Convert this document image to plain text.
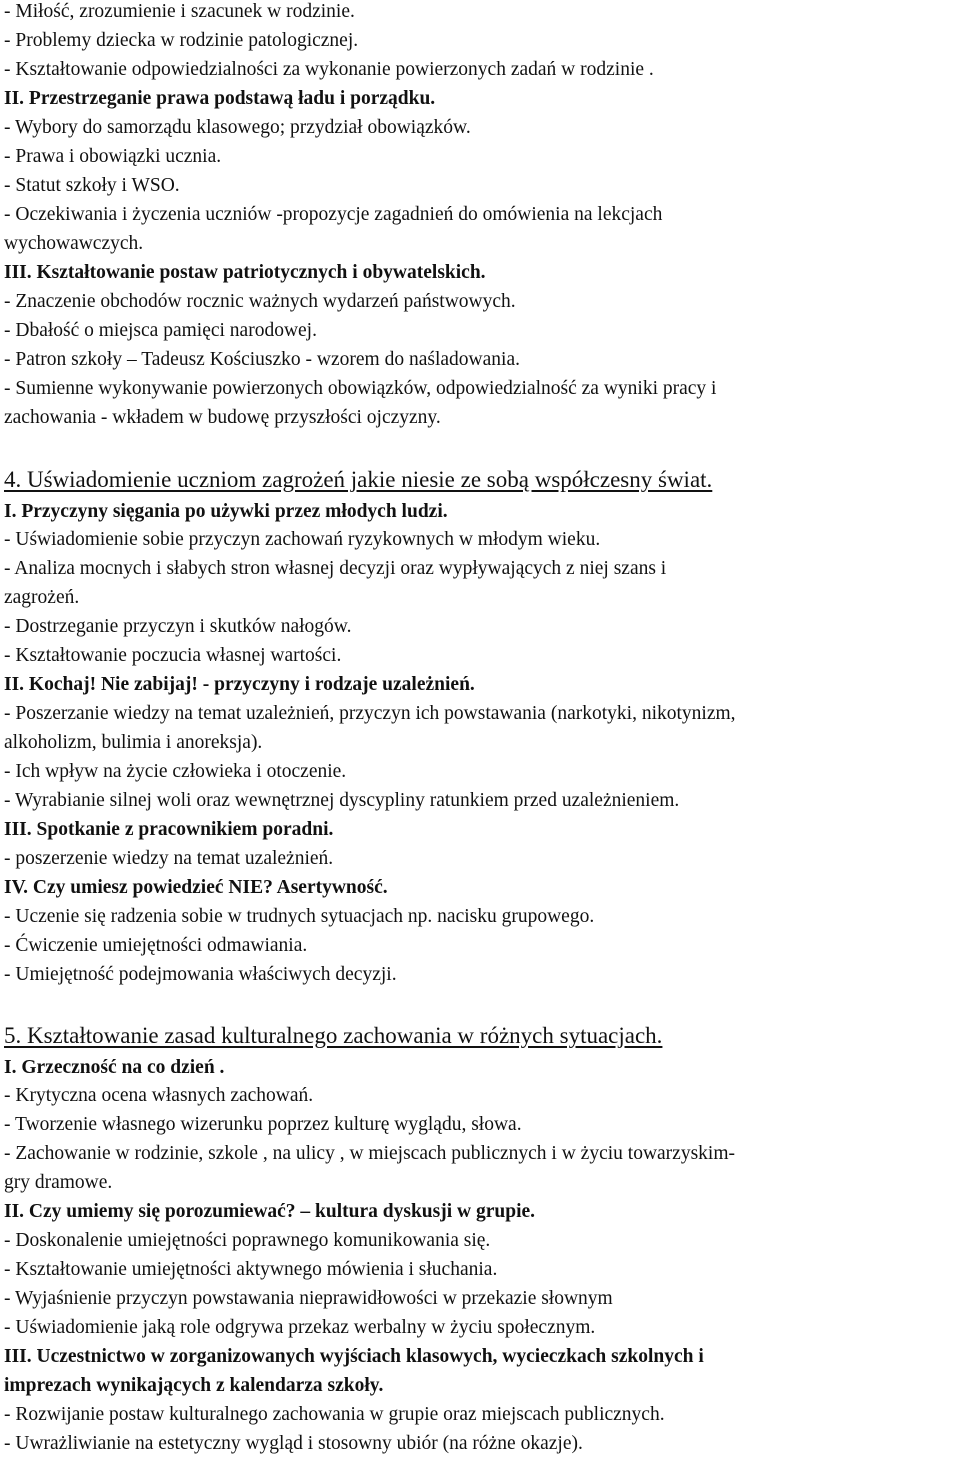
- Miłość, zrozumienie i szacunek w rodzinie.
- Problemy dziecka w rodzinie patologicznej.
- Kształtowanie odpowiedzialności za wykonanie powierzonych zadań w rodzinie .
II. Przestrzeganie prawa podstawą ładu i porządku.
- Wybory do samorządu klasowego; przydział obowiązków.
- Prawa i obowiązki ucznia.
- Statut szkoły i WSO.
- Oczekiwania i życzenia uczniów -propozycje zagadnień do omówienia na lekcjach
wychowawczych.
III. Kształtowanie postaw patriotycznych i obywatelskich.
- Znaczenie obchodów rocznic ważnych wydarzeń państwowych.
- Dbałość o miejsca pamięci narodowej.
- Patron szkoły – Tadeusz Kościuszko - wzorem do naśladowania.
- Sumienne wykonywanie powierzonych obowiązków, odpowiedzialność za wyniki pracy i
zachowania - wkładem w budowę przyszłości ojczyzny.
4. Uświadomienie uczniom zagrożeń jakie niesie ze sobą współczesny świat.
I. Przyczyny sięgania po używki przez młodych ludzi.
- Uświadomienie sobie przyczyn zachowań ryzykownych w młodym wieku.
- Analiza mocnych i słabych stron własnej decyzji oraz wypływających z niej szans i
zagrożeń.
- Dostrzeganie przyczyn i skutków nałogów.
- Kształtowanie poczucia własnej wartości.
II. Kochaj! Nie zabijaj! - przyczyny i rodzaje uzależnień.
- Poszerzanie wiedzy na temat uzależnień, przyczyn ich powstawania (narkotyki, nikotynizm,
alkoholizm, bulimia i anoreksja).
- Ich wpływ na życie człowieka i otoczenie.
- Wyrabianie silnej woli oraz wewnętrznej dyscypliny ratunkiem przed uzależnieniem.
III. Spotkanie z pracownikiem poradni.
- poszerzenie wiedzy na temat uzależnień.
IV. Czy umiesz powiedzieć NIE? Asertywność.
- Uczenie się radzenia sobie w trudnych sytuacjach np. nacisku grupowego.
- Ćwiczenie umiejętności odmawiania.
- Umiejętność podejmowania właściwych decyzji.
5. Kształtowanie zasad kulturalnego zachowania w różnych sytuacjach.
I. Grzeczność na co dzień .
- Krytyczna ocena własnych zachowań.
- Tworzenie własnego wizerunku poprzez kulturę wyglądu, słowa.
- Zachowanie w rodzinie, szkole , na ulicy , w miejscach publicznych i w życiu towarzyskim-
gry dramowe.
II. Czy umiemy się porozumiewać? – kultura dyskusji w grupie.
- Doskonalenie umiejętności poprawnego komunikowania się.
- Kształtowanie umiejętności aktywnego mówienia i słuchania.
- Wyjaśnienie przyczyn powstawania nieprawidłowości w przekazie słownym
- Uświadomienie jaką role odgrywa przekaz werbalny w życiu społecznym.
III. Uczestnictwo w zorganizowanych wyjściach klasowych, wycieczkach szkolnych i
imprezach wynikających z kalendarza szkoły.
- Rozwijanie postaw kulturalnego zachowania w grupie oraz miejscach publicznych.
- Uwrażliwianie na estetyczny wygląd i stosowny ubiór (na różne okazje).
